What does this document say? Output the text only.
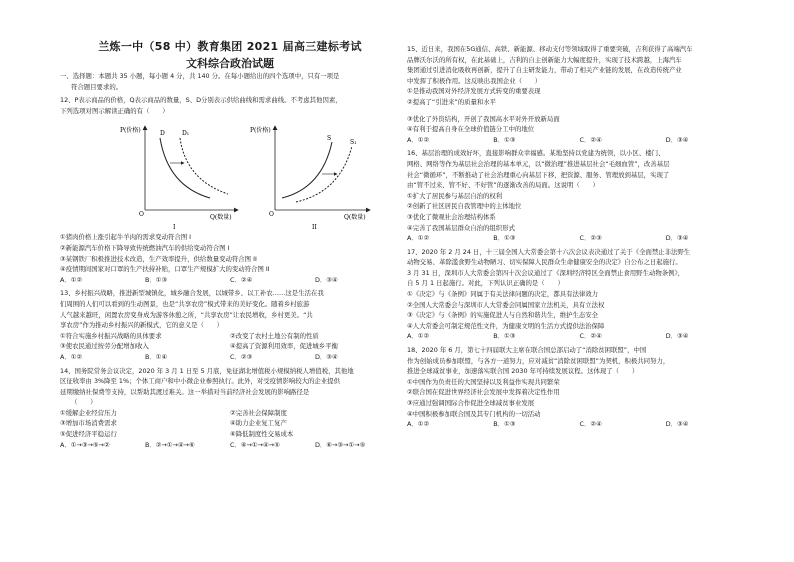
兰炼一中（58 中）教育集团 2021 届高三建标考试
文科综合政治试题
一、选择题：本题共 35 小题，每小题 4 分，共 140 分。在每小题给出的四个选项中，只有一项是
符合题目要求的。
12、P表示商品的价格，Q表示商品的数量，S、D分别表示供给曲线和需求曲线。不考虑其他因素，
下列选项对图示解读正确的有（　　）
P(价格)
Q(数量)
O
D	D₁
I
P(价格)
Q(数量)
O
S
S₁
II
①猪肉价格上涨引起牛羊肉的需求变动符合图 I
②新能源汽车价格下降导致传统燃油汽车的供给变动符合图 I
③某钢铁厂积极推进技术改造，生产效率提升，供给数量变动符合图 II
④疫情期间国家对口罩的生产扶持补贴，口罩生产规模扩大的变动符合图 II
A．①②	B．①③	C．②④	D．③④
13、乡村振兴战略，推进新型城镇化，城乡融合发展，以城带乡、以工补农……这是生活在我
们周围的人们可以看到的生动图景，也是“共享农房”模式带来的美好变化。随着乡村旅游
人气越来越旺，闲置农房变身成为游客休憩之所，“共享农房”让农民增收，乡村更美。“共
享农房”作为推动乡村振兴的新模式，它的意义是（　　）
①符合实施乡村振兴战略的具体要求	②改变了农村土地公有制的性质
③使农民通过按劳分配增加收入	④提高了资源利用效率，促进城乡平衡
A．①②	B．①④	C．②③	D．③④
14、国务院常务会议决定，2020 年 3 月 1 日至 5 月底，免征湖北增值税小规模纳税人增值税，其他地
区征收率由 3%降至 1%；个体工商户和中小微企业参照执行。此外，对受疫情影响较大的企业提供
延期缴纳社保费等支持，以帮助其渡过难关。这一举措对当前经济社会发展的影响路径是
（　　）
①缓解企业经营压力	②完善社会保障制度
③增加市场消费需求	④助力企业复工复产
⑤促进经济平稳运行	⑥降低制度性交易成本
A．①→③→⑤→②	B．②→①→④→⑥	C．⑥→①→④→⑤	D．⑥→③→①→⑤
15、近日来，我国在5G通信、高铁、新能源、移动支付等领域取得了重要突破，吉利获得了高端汽车
品牌沃尔沃的所有权，在此基础上，吉利的自主创新能力大幅度提升，实现了技术跨越，上海汽车
集团通过引进消化吸收再创新，提升了自主研发能力，带动了相关产业链的发展，在改造传统产业
中发挥了积极作用。这反映出我国企业（　　）
①是推动我国对外经济发展方式转变的重要表现
②提高了“引进来”的质量和水平
③优化了外资结构，开创了我国高水平对外开放新局面
④有利于提高自身在全球价值链分工中的地位
A．①②	B．①③	C．②④	D．③④
16、基层治理的成效好坏，直接影响群众幸福感。某地坚持以党建为统领，以小区、楼门、
网格、网络等作为基层社会治理的基本单元，以“微治理”推进基层社会“毛细血管”，改善基层
社会“微循环”，不断推动了社会治理重心向基层下移，把资源、服务、管理放到基层，实现了
由“管不过来、管不好、不好管”的逐渐改善的局面。这说明（　　）
①扩大了居民参与基层自治的权利
②创新了社区居民自我管理中的主体地位
③优化了微观社会治理结构体系
④完善了我国基层群众自治的组织形式
A．①②	B．①③	C．②③	D．③④
17、2020 年 2 月 24 日，十三届全国人大常委会第十六次会议表决通过了关于《全面禁止非法野生
动物交易、革除滥食野生动物陋习、切实保障人民群众生命健康安全的决定》自公布之日起施行。
3 月 31 日，深圳市人大常委会第四十次会议通过了《深圳经济特区全面禁止食用野生动物条例》，
自 5 月 1 日起施行。对此，下列认识正确的是（　　）
①《决定》与《条例》同属于有关法律问题的决定，都具有法律效力
②全国人大常委会与深圳市人大常委会同属国家立法机关，具有立法权
③《决定》与《条例》的实施促进人与自然和谐共生，维护生态安全
④人大常委会可制定规范性文件，为健康文明的生活方式提供法治保障
A．①②	B．①③	C．②④	D．③④
18、2020 年 6 月，第七十四届联大主席在联合国总部启动了“消除贫困联盟”，中国
作为创始成员参加联盟，与各方一道努力，应对减贫“消除贫困联盟”为契机，积极共同努力，
推进全球减贫事业，加速落实联合国 2030 年可持续发展议程。这体现了（　　）
①中国作为负责任的大国坚持以及利益作实现共同繁荣
②联合国在促进世界经济社会发展中发挥着决定性作用
③应通过强调国际合作促进全球减贫事业发展
④中国积极参加联合国及其专门机构的一切活动
A．①②	B．①③	C．②④	D．③④
